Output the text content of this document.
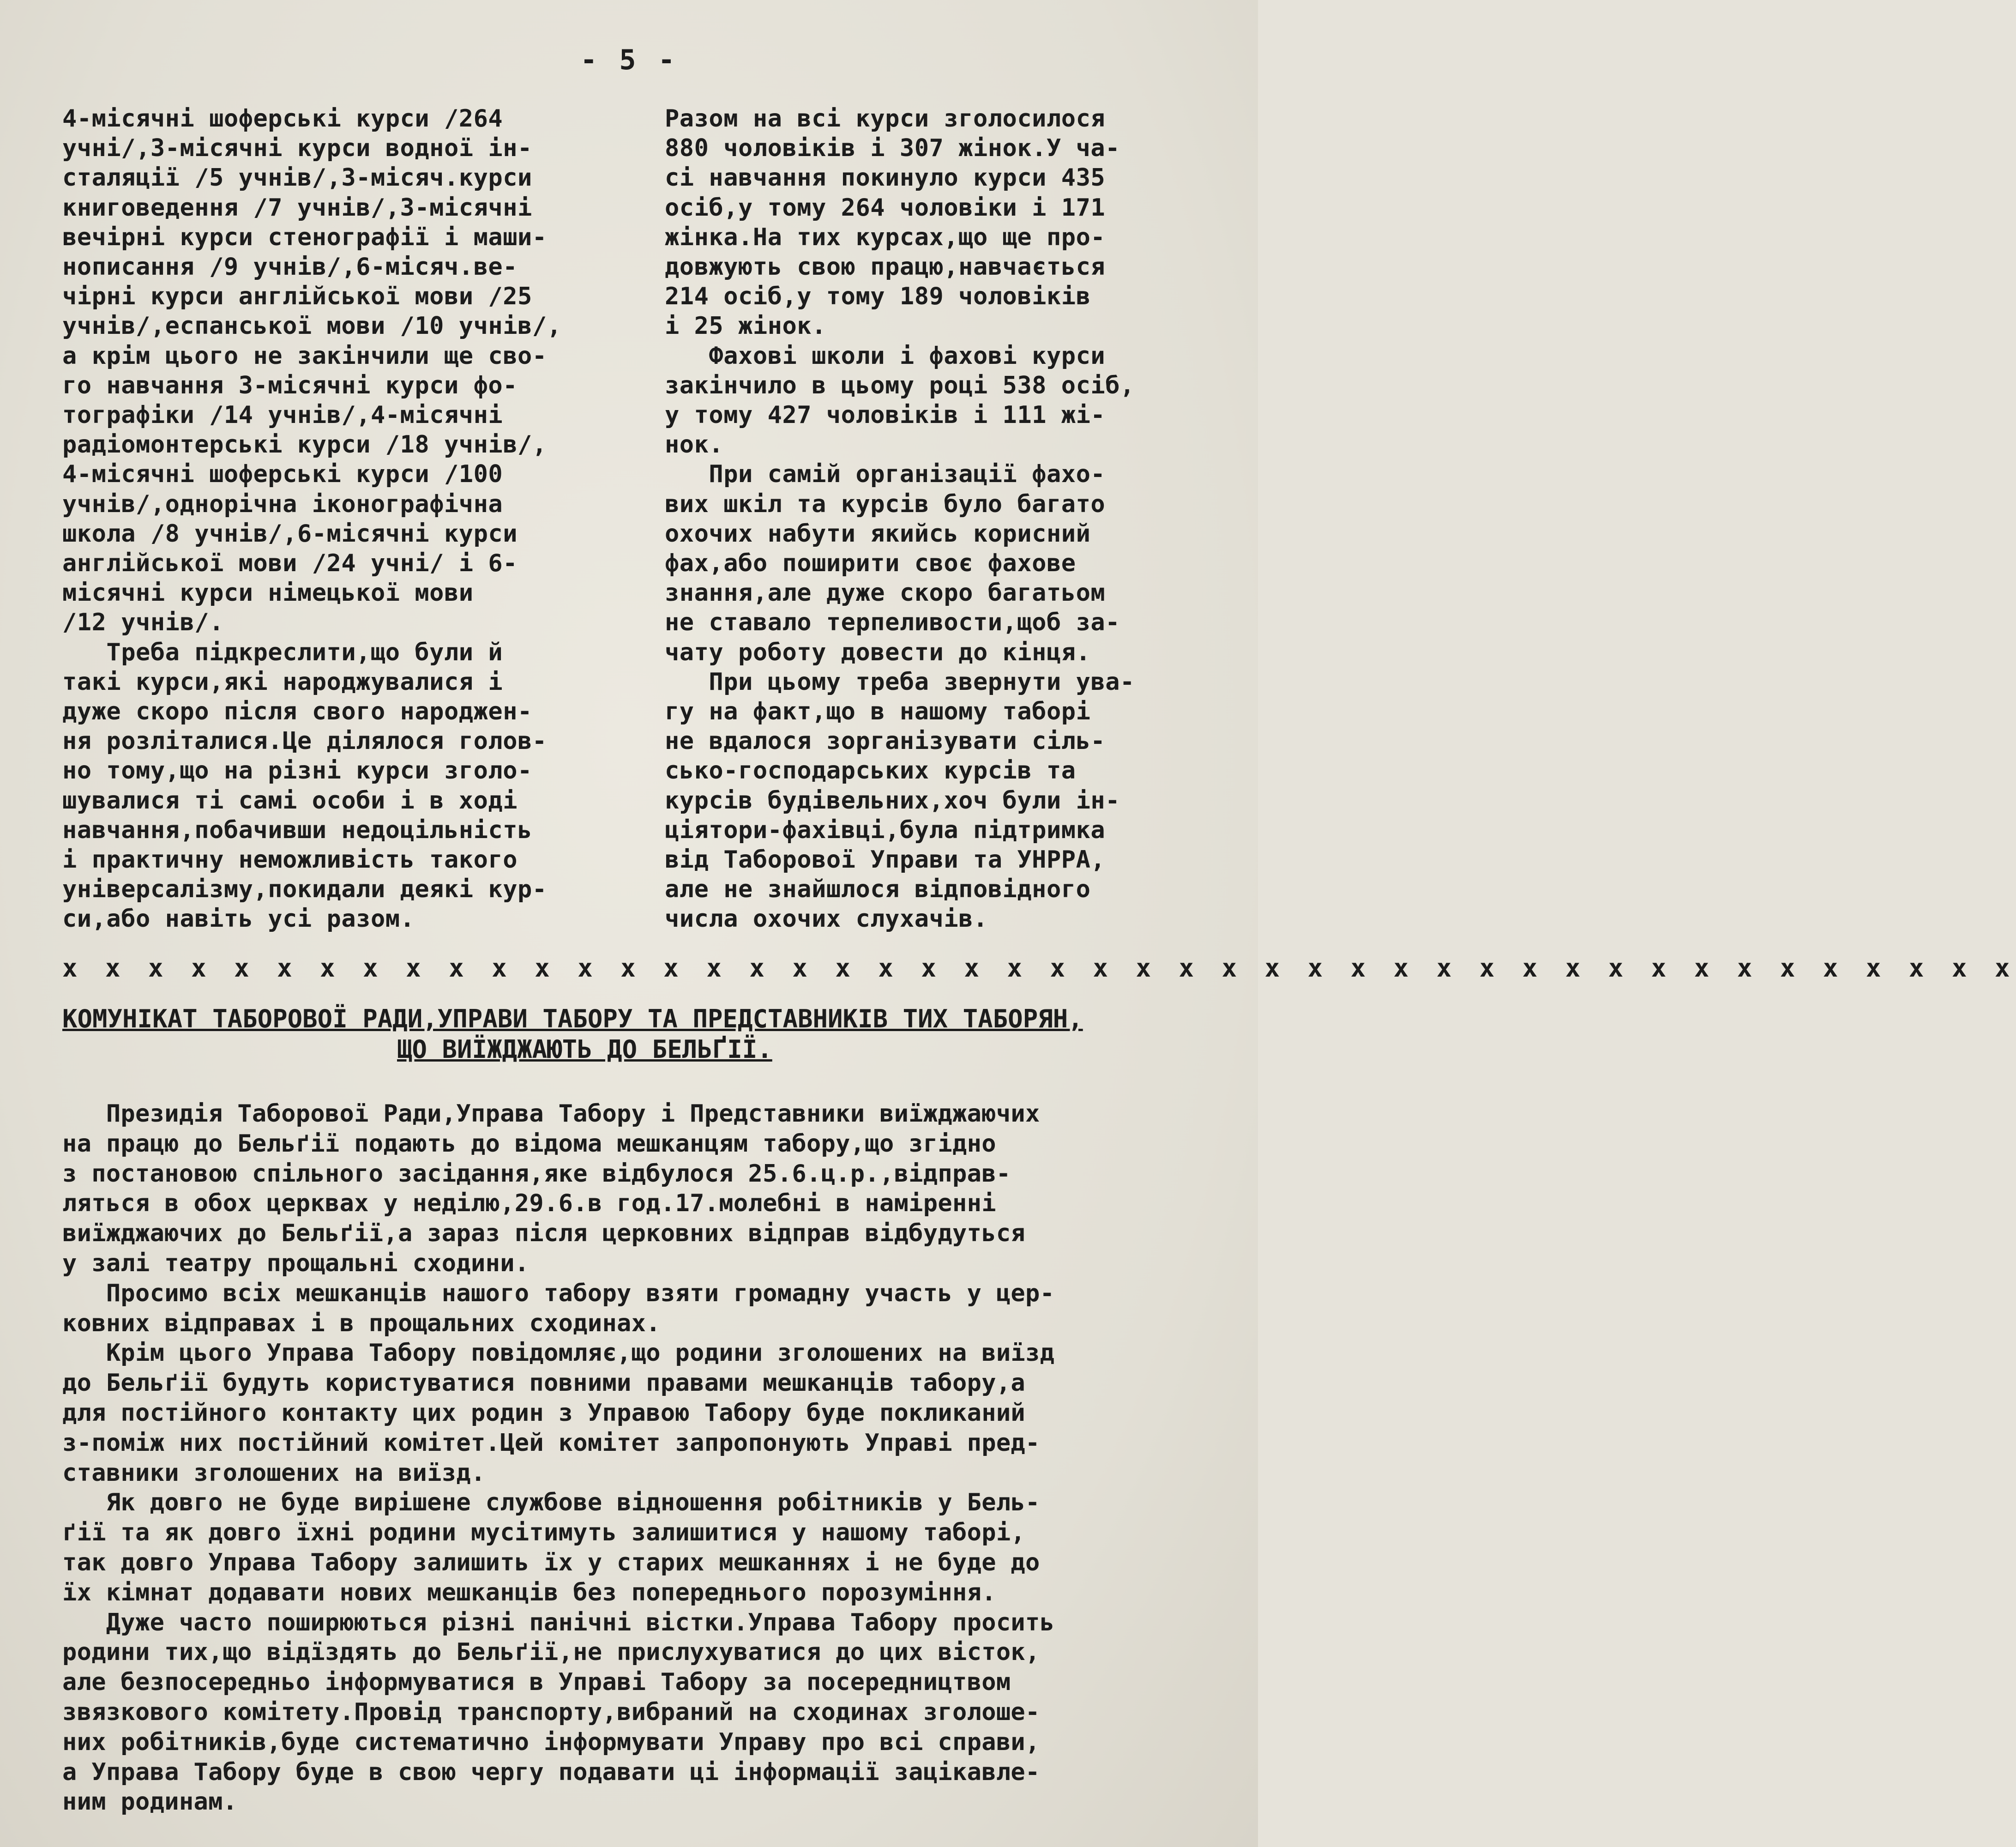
- 5 -
4-місячні шоферські курси /264
учні/,3-місячні курси водної ін-
сталяції /5 учнів/,3-місяч.курси
книговедення /7 учнів/,3-місячні
вечірні курси стенографії і маши-
нописання /9 учнів/,6-місяч.ве-
чірні курси англійської мови /25
учнів/,еспанської мови /10 учнів/,
а крім цього не закінчили ще сво-
го навчання 3-місячні курси фо-
тографіки /14 учнів/,4-місячні
радіомонтерські курси /18 учнів/,
4-місячні шоферські курси /100
учнів/,однорічна іконографічна
школа /8 учнів/,6-місячні курси
англійської мови /24 учні/ і 6-
місячні курси німецької мови
/12 учнів/.
Треба підкреслити,що були й
такі курси,які народжувалися і
дуже скоро після свого народжен-
ня розліталися.Це ділялося голов-
но тому,що на різні курси зголо-
шувалися ті самі особи і в ході
навчання,побачивши недоцільність
і практичну неможливість такого
універсалізму,покидали деякі кур-
си,або навіть усі разом.
Разом на всі курси зголосилося
880 чоловіків і 307 жінок.У ча-
сі навчання покинуло курси 435
осіб,у тому 264 чоловіки і 171
жінка.На тих курсах,що ще про-
довжують свою працю,навчається
214 осіб,у тому 189 чоловіків
і 25 жінок.
Фахові школи і фахові курси
закінчило в цьому році 538 осіб,
у тому 427 чоловіків і 111 жі-
нок.
При самій організації фахо-
вих шкіл та курсів було багато
охочих набути якийсь корисний
фах,або поширити своє фахове
знання,але дуже скоро багатьом
не ставало терпеливости,щоб за-
чату роботу довести до кінця.
При цьому треба звернути ува-
гу на факт,що в нашому таборі
не вдалося зорганізувати сіль-
сько-господарських курсів та
курсів будівельних,хоч були ін-
ціятори-фахівці,була підтримка
від Таборової Управи та УНРРА,
але не знайшлося відповідного
числа охочих слухачів.
x x x x x x x x x x x x x x x x x x x x x x x x x x x x x x x x x x x x x x x x x x x x x x
КОМУНІКАТ ТАБОРОВОЇ РАДИ,УПРАВИ ТАБОРУ ТА ПРЕДСТАВНИКІВ ТИХ ТАБОРЯН,
ЩО ВИЇЖДЖАЮТЬ ДО БЕЛЬҐІЇ.
Президія Таборової Ради,Управа Табору і Представники виїжджаючих
на працю до Бельґії подають до відома мешканцям табору,що згідно
з постановою спільного засідання,яке відбулося 25.6.ц.р.,відправ-
ляться в обох церквах у неділю,29.6.в год.17.молебні в наміренні
виїжджаючих до Бельґії,а зараз після церковних відправ відбудуться
у залі театру прощальні сходини.
Просимо всіх мешканців нашого табору взяти громадну участь у цер-
ковних відправах і в прощальних сходинах.
Крім цього Управа Табору повідомляє,що родини зголошених на виїзд
до Бельґії будуть користуватися повними правами мешканців табору,а
для постійного контакту цих родин з Управою Табору буде покликаний
з-поміж них постійний комітет.Цей комітет запропонують Управі пред-
ставники зголошених на виїзд.
Як довго не буде вирішене службове відношення робітників у Бель-
ґії та як довго їхні родини мусітимуть залишитися у нашому таборі,
так довго Управа Табору залишить їх у старих мешканнях і не буде до
їх кімнат додавати нових мешканців без попереднього порозуміння.
Дуже часто поширюються різні панічні вістки.Управа Табору просить
родини тих,що відїздять до Бельґії,не прислухуватися до цих вісток,
але безпосередньо інформуватися в Управі Табору за посередництвом
звязкового комітету.Провід транспорту,вибраний на сходинах зголоше-
них робітників,буде систематично інформувати Управу про всі справи,
а Управа Табору буде в свою чергу подавати ці інформації зацікавле-
ним родинам.
